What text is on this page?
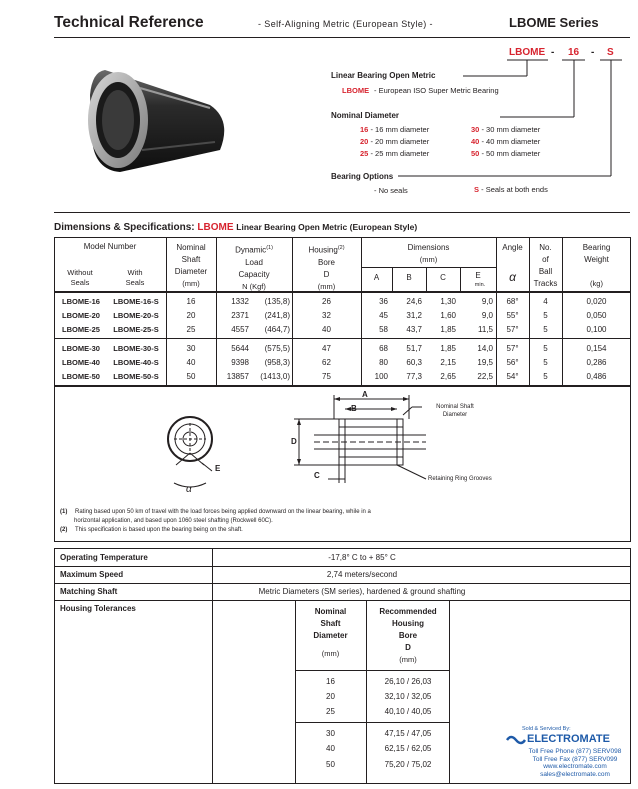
Technical Reference	- Self-Aligning Metric (European Style) -	LBOME Series
LBOME - 16 - S
Linear Bearing Open Metric
LBOME - European ISO Super Metric Bearing
Nominal Diameter
16 - 16 mm diameter
20 - 20 mm diameter
25 - 25 mm diameter
30 - 30 mm diameter
40 - 40 mm diameter
50 - 50 mm diameter
Bearing Options
- No seals	S - Seals at both ends
Dimensions & Specifications: LBOME Linear Bearing Open Metric (European Style)
Model Number
Without
Seals
With
Seals
Nominal
Shaft
Diameter
(mm)
Dynamic$^{(1)}$
Load
Capacity
N (Kgf)
Housing$^{(2)}$
Bore
D
(mm)
Dimensions
(mm)
A	B	C	E
min.
Angle
α
No.
of
Ball
Tracks
Bearing
Weight
(kg)
LBOME-16	LBOME-16-S	16	1332	(135,8)	26	36	24,6	1,30	9,0	68°	4	0,020
LBOME-20	LBOME-20-S	20	2371	(241,8)	32	45	31,2	1,60	9,0	55°	5	0,050
LBOME-25	LBOME-25-S	25	4557	(464,7)	40	58	43,7	1,85	11,5	57°	5	0,100
LBOME-30	LBOME-30-S	30	5644	(575,5)	47	68	51,7	1,85	14,0	57°	5	0,154
LBOME-40	LBOME-40-S	40	9398	(958,3)	62	80	60,3	2,15	19,5	56°	5	0,286
LBOME-50	LBOME-50-S	50	13857	(1413,0)	75	100	77,3	2,65	22,5	54°	5	0,486
A
B
D
C
E
α
Nominal Shaft
Diameter
Retaining Ring Grooves
(1) Rating based upon 50 km of travel with the load forces being applied downward on the linear bearing, while in a
horizontal application, and based upon 1060 steel shafting (Rockwell 60C).
(2) This specification is based upon the bearing being on the shaft.
Operating Temperature	-17,8° C to + 85° C
Maximum Speed	2,74 meters/second
Matching Shaft	Metric Diameters (SM series), hardened & ground shafting
Housing Tolerances	Nominal
Shaft
Diameter
(mm)
Recommended
Housing
Bore
D
(mm)
16	26,10 / 26,03
20	32,10 / 32,05
25	40,10 / 40,05
30	47,15 / 47,05
40	62,15 / 62,05
50	75,20 / 75,02
Sold & Serviced By:
ELECTROMATE
Toll Free Phone (877) SERV098
Toll Free Fax (877) SERV099
www.electromate.com
sales@electromate.com
